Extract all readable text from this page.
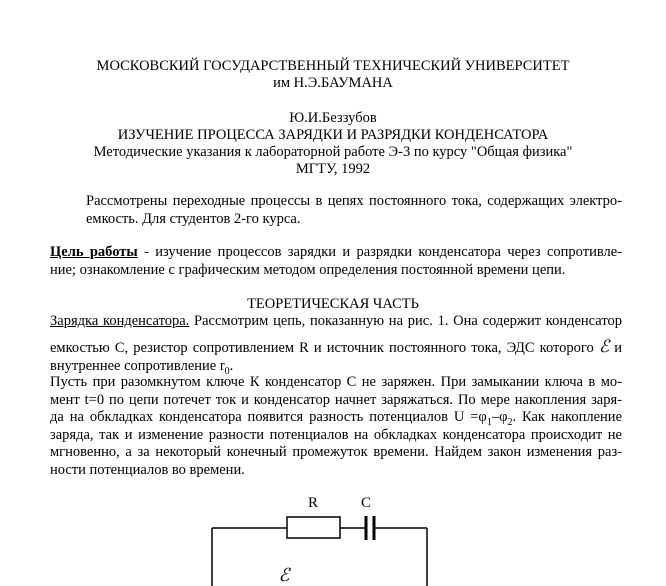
МОСКОВСКИЙ ГОСУДАРСТВЕННЫЙ ТЕХНИЧЕСКИЙ УНИВЕРСИТЕТ
им Н.Э.БАУМАНА
Ю.И.Беззубов
ИЗУЧЕНИЕ ПРОЦЕССА ЗАРЯДКИ И РАЗРЯДКИ КОНДЕНСАТОРА
Методические указания к лабораторной работе Э-3 по курсу "Общая физика"
МГТУ, 1992
Рассмотрены переходные процессы в цепях постоянного тока, содержащих электро-
емкость. Для студентов 2-го курса.
Цель работы - изучение процессов зарядки и разрядки конденсатора через сопротивле-
ние; ознакомление с графическим методом определения постоянной времени цепи.
ТЕОРЕТИЧЕСКАЯ ЧАСТЬ
Зарядка конденсатора. Рассмотрим цепь, показанную на рис. 1. Она содержит конденсатор
емкостью С, резистор сопротивлением R и источник постоянного тока, ЭДС которого ℰ и
внутреннее сопротивление $r_0$.
Пусть при разомкнутом ключе К конденсатор С не заряжен. При замыкании ключа в мо-
мент t=0 по цепи потечет ток и конденсатор начнет заряжаться. По мере накопления заря-
да на обкладках конденсатора появится разность потенциалов $U =\varphi_1-\varphi_2$. Как накопление
заряда, так и изменение разности потенциалов на обкладках конденсатора происходит не
мгновенно, а за некоторый конечный промежуток времени. Найдем закон изменения раз-
ности потенциалов во времени.
R	C
ℰ
